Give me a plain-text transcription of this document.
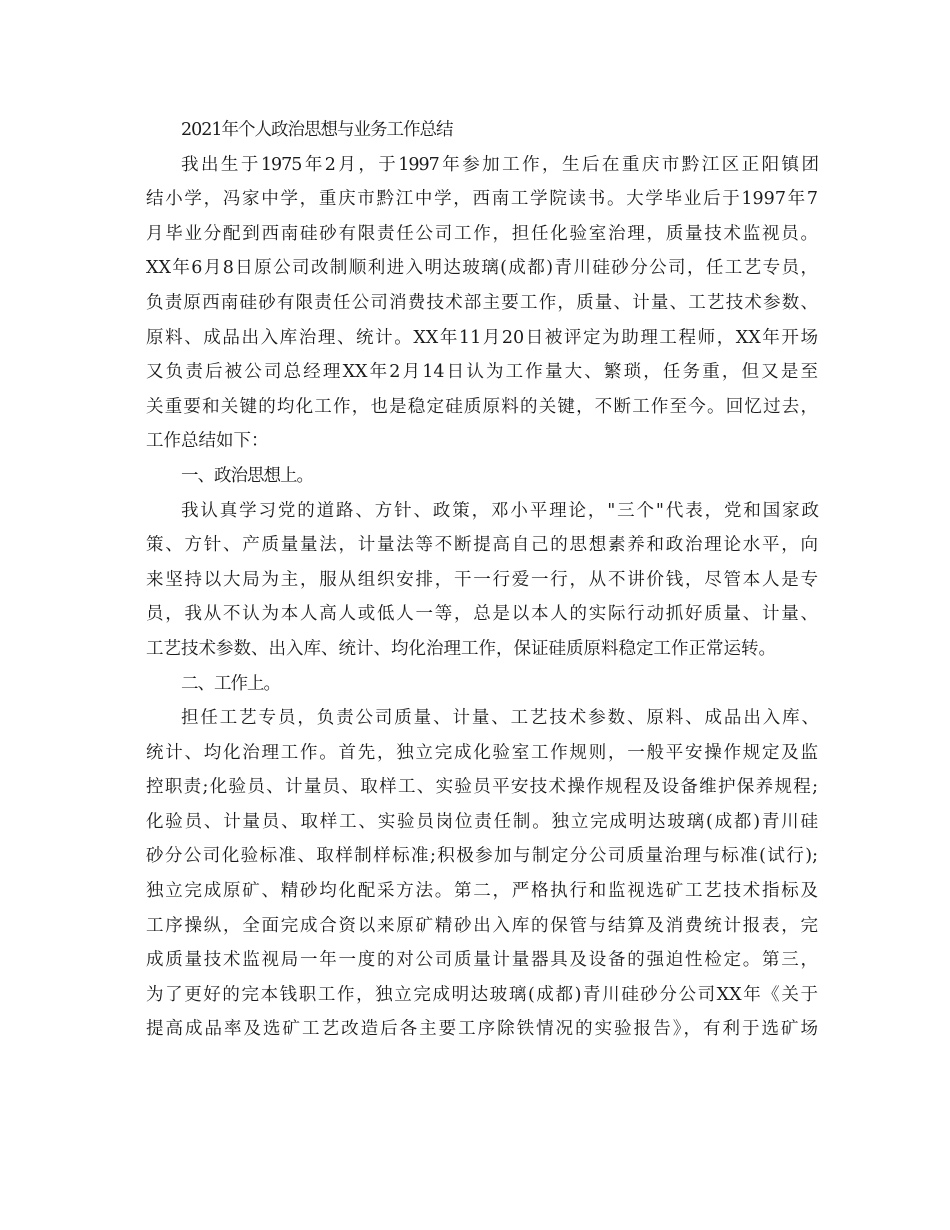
2021年个人政治思想与业务工作总结
我出生于1975年2月，于1997年参加工作，生后在重庆市黔江区正阳镇团
结小学，冯家中学，重庆市黔江中学，西南工学院读书。大学毕业后于1997年7
月毕业分配到西南硅砂有限责任公司工作，担任化验室治理，质量技术监视员。
XX年6月8日原公司改制顺利进入明达玻璃(成都)青川硅砂分公司，任工艺专员，
负责原西南硅砂有限责任公司消费技术部主要工作，质量、计量、工艺技术参数、
原料、成品出入库治理、统计。XX年11月20日被评定为助理工程师，XX年开场
又负责后被公司总经理XX年2月14日认为工作量大、繁琐，任务重，但又是至
关重要和关键的均化工作，也是稳定硅质原料的关键，不断工作至今。回忆过去，
工作总结如下：
一、政治思想上。
我认真学习党的道路、方针、政策，邓小平理论，"三个"代表，党和国家政
策、方针、产质量量法，计量法等不断提高自己的思想素养和政治理论水平，向
来坚持以大局为主，服从组织安排，干一行爱一行，从不讲价钱，尽管本人是专
员，我从不认为本人高人或低人一等，总是以本人的实际行动抓好质量、计量、
工艺技术参数、出入库、统计、均化治理工作，保证硅质原料稳定工作正常运转。
二、工作上。
担任工艺专员，负责公司质量、计量、工艺技术参数、原料、成品出入库、
统计、均化治理工作。首先，独立完成化验室工作规则，一般平安操作规定及监
控职责;化验员、计量员、取样工、实验员平安技术操作规程及设备维护保养规程;
化验员、计量员、取样工、实验员岗位责任制。独立完成明达玻璃(成都)青川硅
砂分公司化验标准、取样制样标准;积极参加与制定分公司质量治理与标准(试行);
独立完成原矿、精砂均化配采方法。第二，严格执行和监视选矿工艺技术指标及
工序操纵，全面完成合资以来原矿精砂出入库的保管与结算及消费统计报表，完
成质量技术监视局一年一度的对公司质量计量器具及设备的强迫性检定。第三，
为了更好的完本钱职工作，独立完成明达玻璃(成都)青川硅砂分公司XX年《关于
提高成品率及选矿工艺改造后各主要工序除铁情况的实验报告》，有利于选矿场
